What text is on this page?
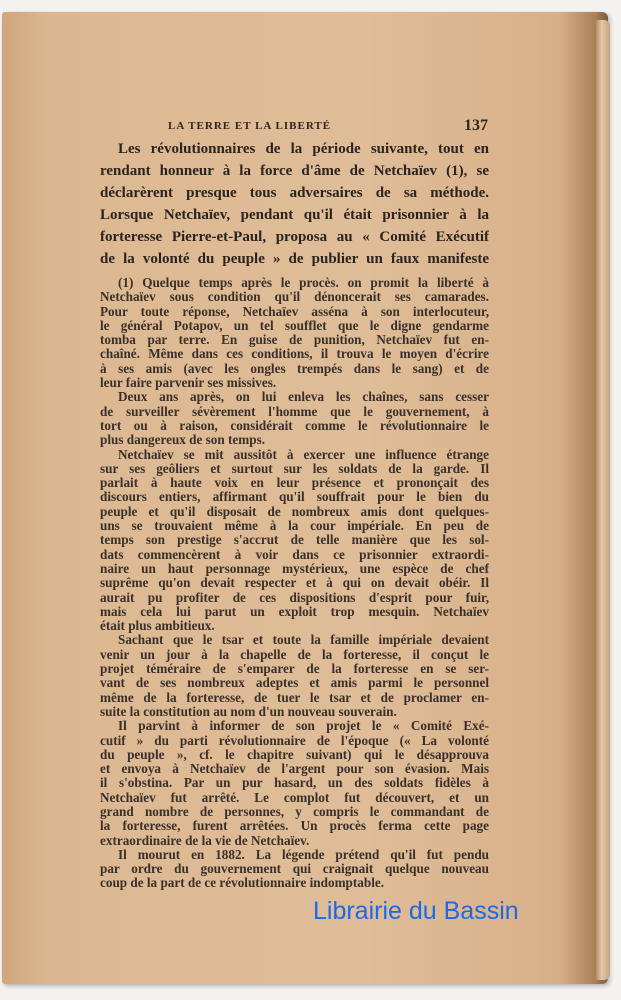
LA TERRE ET LA LIBERTÉ	137
Les révolutionnaires de la période suivante, tout en
rendant honneur à la force d'âme de Netchaïev (1), se
déclarèrent presque tous adversaires de sa méthode.
Lorsque Netchaïev, pendant qu'il était prisonnier à la
forteresse Pierre-et-Paul, proposa au « Comité Exécutif
de la volonté du peuple » de publier un faux manifeste
(1) Quelque temps après le procès. on promit la liberté à
Netchaïev sous condition qu'il dénoncerait ses camarades.
Pour toute réponse, Netchaïev asséna à son interlocuteur,
le général Potapov, un tel soufflet que le digne gendarme
tomba par terre. En guise de punition, Netchaïev fut en-
chaîné. Même dans ces conditions, il trouva le moyen d'écrire
à ses amis (avec les ongles trempés dans le sang) et de
leur faire parvenir ses missives.
Deux ans après, on lui enleva les chaînes, sans cesser
de surveiller sévèrement l'homme que le gouvernement, à
tort ou à raison, considérait comme le révolutionnaire le
plus dangereux de son temps.
Netchaïev se mit aussitôt à exercer une influence étrange
sur ses geôliers et surtout sur les soldats de la garde. Il
parlait à haute voix en leur présence et prononçait des
discours entiers, affirmant qu'il souffrait pour le bien du
peuple et qu'il disposait de nombreux amis dont quelques-
uns se trouvaient même à la cour impériale. En peu de
temps son prestige s'accrut de telle manière que les sol-
dats commencèrent à voir dans ce prisonnier extraordi-
naire un haut personnage mystérieux, une espèce de chef
suprême qu'on devait respecter et à qui on devait obéir. Il
aurait pu profiter de ces dispositions d'esprit pour fuir,
mais cela lui parut un exploit trop mesquin. Netchaïev
était plus ambitieux.
Sachant que le tsar et toute la famille impériale devaient
venir un jour à la chapelle de la forteresse, il conçut le
projet téméraire de s'emparer de la forteresse en se ser-
vant de ses nombreux adeptes et amis parmi le personnel
même de la forteresse, de tuer le tsar et de proclamer en-
suite la constitution au nom d'un nouveau souverain.
Il parvint à informer de son projet le « Comité Exé-
cutif » du parti révolutionnaire de l'époque (« La volonté
du peuple », cf. le chapitre suivant) qui le désapprouva
et envoya à Netchaïev de l'argent pour son évasion. Mais
il s'obstina. Par un pur hasard, un des soldats fidèles à
Netchaïev fut arrêté. Le complot fut découvert, et un
grand nombre de personnes, y compris le commandant de
la forteresse, furent arrêtées. Un procès ferma cette page
extraordinaire de la vie de Netchaïev.
Il mourut en 1882. La légende prétend qu'il fut pendu
par ordre du gouvernement qui craignait quelque nouveau
coup de la part de ce révolutionnaire indomptable.
Librairie du Bassin
